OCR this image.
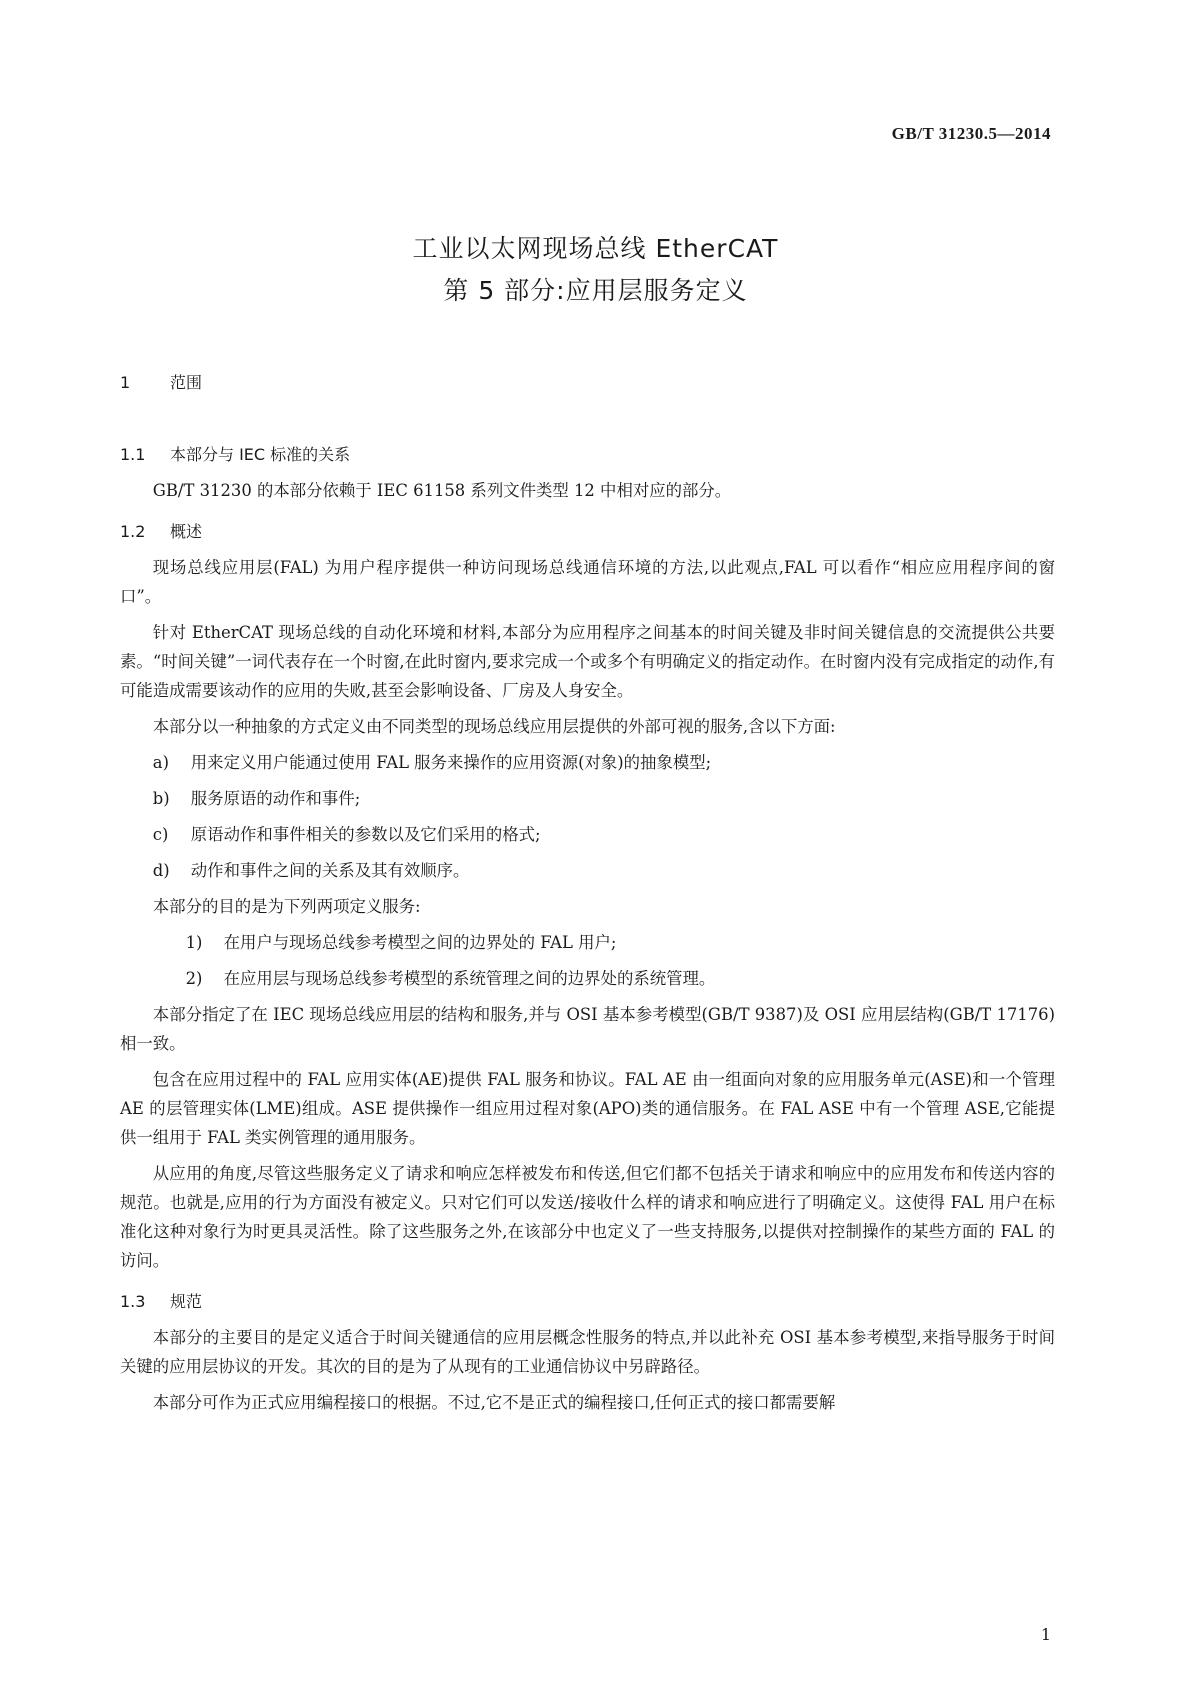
GB/T 31230.5—2014
工业以太网现场总线 EtherCAT
第 5 部分:应用层服务定义
1 范围
1.1 本部分与 IEC 标准的关系

GB/T 31230 的本部分依赖于 IEC 61158 系列文件类型 12 中相对应的部分。

1.2 概述

现场总线应用层(FAL) 为用户程序提供一种访问现场总线通信环境的方法,以此观点,FAL 可以看作“相应应用程序间的窗口”。

针对 EtherCAT 现场总线的自动化环境和材料,本部分为应用程序之间基本的时间关键及非时间关键信息的交流提供公共要素。“时间关键”一词代表存在一个时窗,在此时窗内,要求完成一个或多个有明确定义的指定动作。在时窗内没有完成指定的动作,有可能造成需要该动作的应用的失败,甚至会影响设备、厂房及人身安全。

本部分以一种抽象的方式定义由不同类型的现场总线应用层提供的外部可视的服务,含以下方面:

a) 用来定义用户能通过使用 FAL 服务来操作的应用资源(对象)的抽象模型;
b) 服务原语的动作和事件;
c) 原语动作和事件相关的参数以及它们采用的格式;
d) 动作和事件之间的关系及其有效顺序。

本部分的目的是为下列两项定义服务:

1) 在用户与现场总线参考模型之间的边界处的 FAL 用户;
2) 在应用层与现场总线参考模型的系统管理之间的边界处的系统管理。

本部分指定了在 IEC 现场总线应用层的结构和服务,并与 OSI 基本参考模型(GB/T 9387)及 OSI 应用层结构(GB/T 17176)相一致。

包含在应用过程中的 FAL 应用实体(AE)提供 FAL 服务和协议。FAL AE 由一组面向对象的应用服务单元(ASE)和一个管理 AE 的层管理实体(LME)组成。ASE 提供操作一组应用过程对象(APO)类的通信服务。在 FAL ASE 中有一个管理 ASE,它能提供一组用于 FAL 类实例管理的通用服务。

从应用的角度,尽管这些服务定义了请求和响应怎样被发布和传送,但它们都不包括关于请求和响应中的应用发布和传送内容的规范。也就是,应用的行为方面没有被定义。只对它们可以发送/接收什么样的请求和响应进行了明确定义。这使得 FAL 用户在标准化这种对象行为时更具灵活性。除了这些服务之外,在该部分中也定义了一些支持服务,以提供对控制操作的某些方面的 FAL 的访问。

1.3 规范

本部分的主要目的是定义适合于时间关键通信的应用层概念性服务的特点,并以此补充 OSI 基本参考模型,来指导服务于时间关键的应用层协议的开发。其次的目的是为了从现有的工业通信协议中另辟路径。

本部分可作为正式应用编程接口的根据。不过,它不是正式的编程接口,任何正式的接口都需要解

1
